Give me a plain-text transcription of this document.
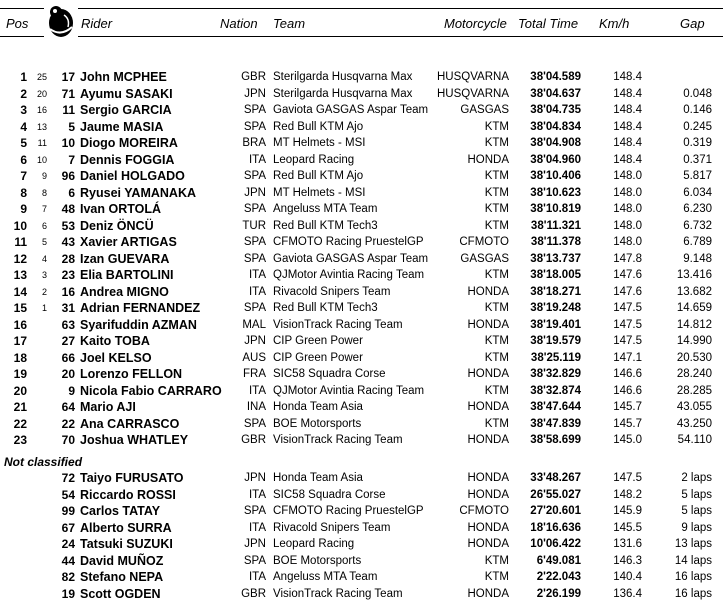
Pos	Rider	Nation Team	Motorcycle Total Time Km/h	Gap
1	25	17 John MCPHEE	GBR Sterilgarda Husqvarna Max	HUSQVARNA	38'04.589	148.4
2	20	71 Ayumu SASAKI	JPN Sterilgarda Husqvarna Max	HUSQVARNA	38'04.637	148.4	0.048
3	16	11 Sergio GARCIA	SPA Gaviota GASGAS Aspar Team	GASGAS	38'04.735	148.4	0.146
4	13	5 Jaume MASIA	SPA Red Bull KTM Ajo	KTM	38'04.834	148.4	0.245
5	11	10 Diogo MOREIRA	BRA MT Helmets - MSI	KTM	38'04.908	148.4	0.319
6	10	7 Dennis FOGGIA	ITA Leopard Racing	HONDA	38'04.960	148.4	0.371
7	9	96 Daniel HOLGADO	SPA Red Bull KTM Ajo	KTM	38'10.406	148.0	5.817
8	8	6 Ryusei YAMANAKA	JPN MT Helmets - MSI	KTM	38'10.623	148.0	6.034
9	7	48 Ivan ORTOLÁ	SPA Angeluss MTA Team	KTM	38'10.819	148.0	6.230
10	6	53 Deniz ÖNCÜ	TUR Red Bull KTM Tech3	KTM	38'11.321	148.0	6.732
11	5	43 Xavier ARTIGAS	SPA CFMOTO Racing PruestelGP	CFMOTO	38'11.378	148.0	6.789
12	4	28 Izan GUEVARA	SPA Gaviota GASGAS Aspar Team	GASGAS	38'13.737	147.8	9.148
13	3	23 Elia BARTOLINI	ITA QJMotor Avintia Racing Team	KTM	38'18.005	147.6	13.416
14	2	16 Andrea MIGNO	ITA Rivacold Snipers Team	HONDA	38'18.271	147.6	13.682
15	1	31 Adrian FERNANDEZ	SPA Red Bull KTM Tech3	KTM	38'19.248	147.5	14.659
16	63 Syarifuddin AZMAN	MAL VisionTrack Racing Team	HONDA	38'19.401	147.5	14.812
17	27 Kaito TOBA	JPN CIP Green Power	KTM	38'19.579	147.5	14.990
18	66 Joel KELSO	AUS CIP Green Power	KTM	38'25.119	147.1	20.530
19	20 Lorenzo FELLON	FRA SIC58 Squadra Corse	HONDA	38'32.829	146.6	28.240
20	9 Nicola Fabio CARRARO	ITA QJMotor Avintia Racing Team	KTM	38'32.874	146.6	28.285
21	64 Mario AJI	INA Honda Team Asia	HONDA	38'47.644	145.7	43.055
22	22 Ana CARRASCO	SPA BOE Motorsports	KTM	38'47.839	145.7	43.250
23	70 Joshua WHATLEY	GBR VisionTrack Racing Team	HONDA	38'58.699	145.0	54.110
Not classified
72 Taiyo FURUSATO	JPN Honda Team Asia	HONDA	33'48.267	147.5	2 laps
54 Riccardo ROSSI	ITA SIC58 Squadra Corse	HONDA	26'55.027	148.2	5 laps
99 Carlos TATAY	SPA CFMOTO Racing PruestelGP	CFMOTO	27'20.601	145.9	5 laps
67 Alberto SURRA	ITA Rivacold Snipers Team	HONDA	18'16.636	145.5	9 laps
24 Tatsuki SUZUKI	JPN Leopard Racing	HONDA	10'06.422	131.6	13 laps
44 David MUÑOZ	SPA BOE Motorsports	KTM	6'49.081	146.3	14 laps
82 Stefano NEPA	ITA Angeluss MTA Team	KTM	2'22.043	140.4	16 laps
19 Scott OGDEN	GBR VisionTrack Racing Team	HONDA	2'26.199	136.4	16 laps
